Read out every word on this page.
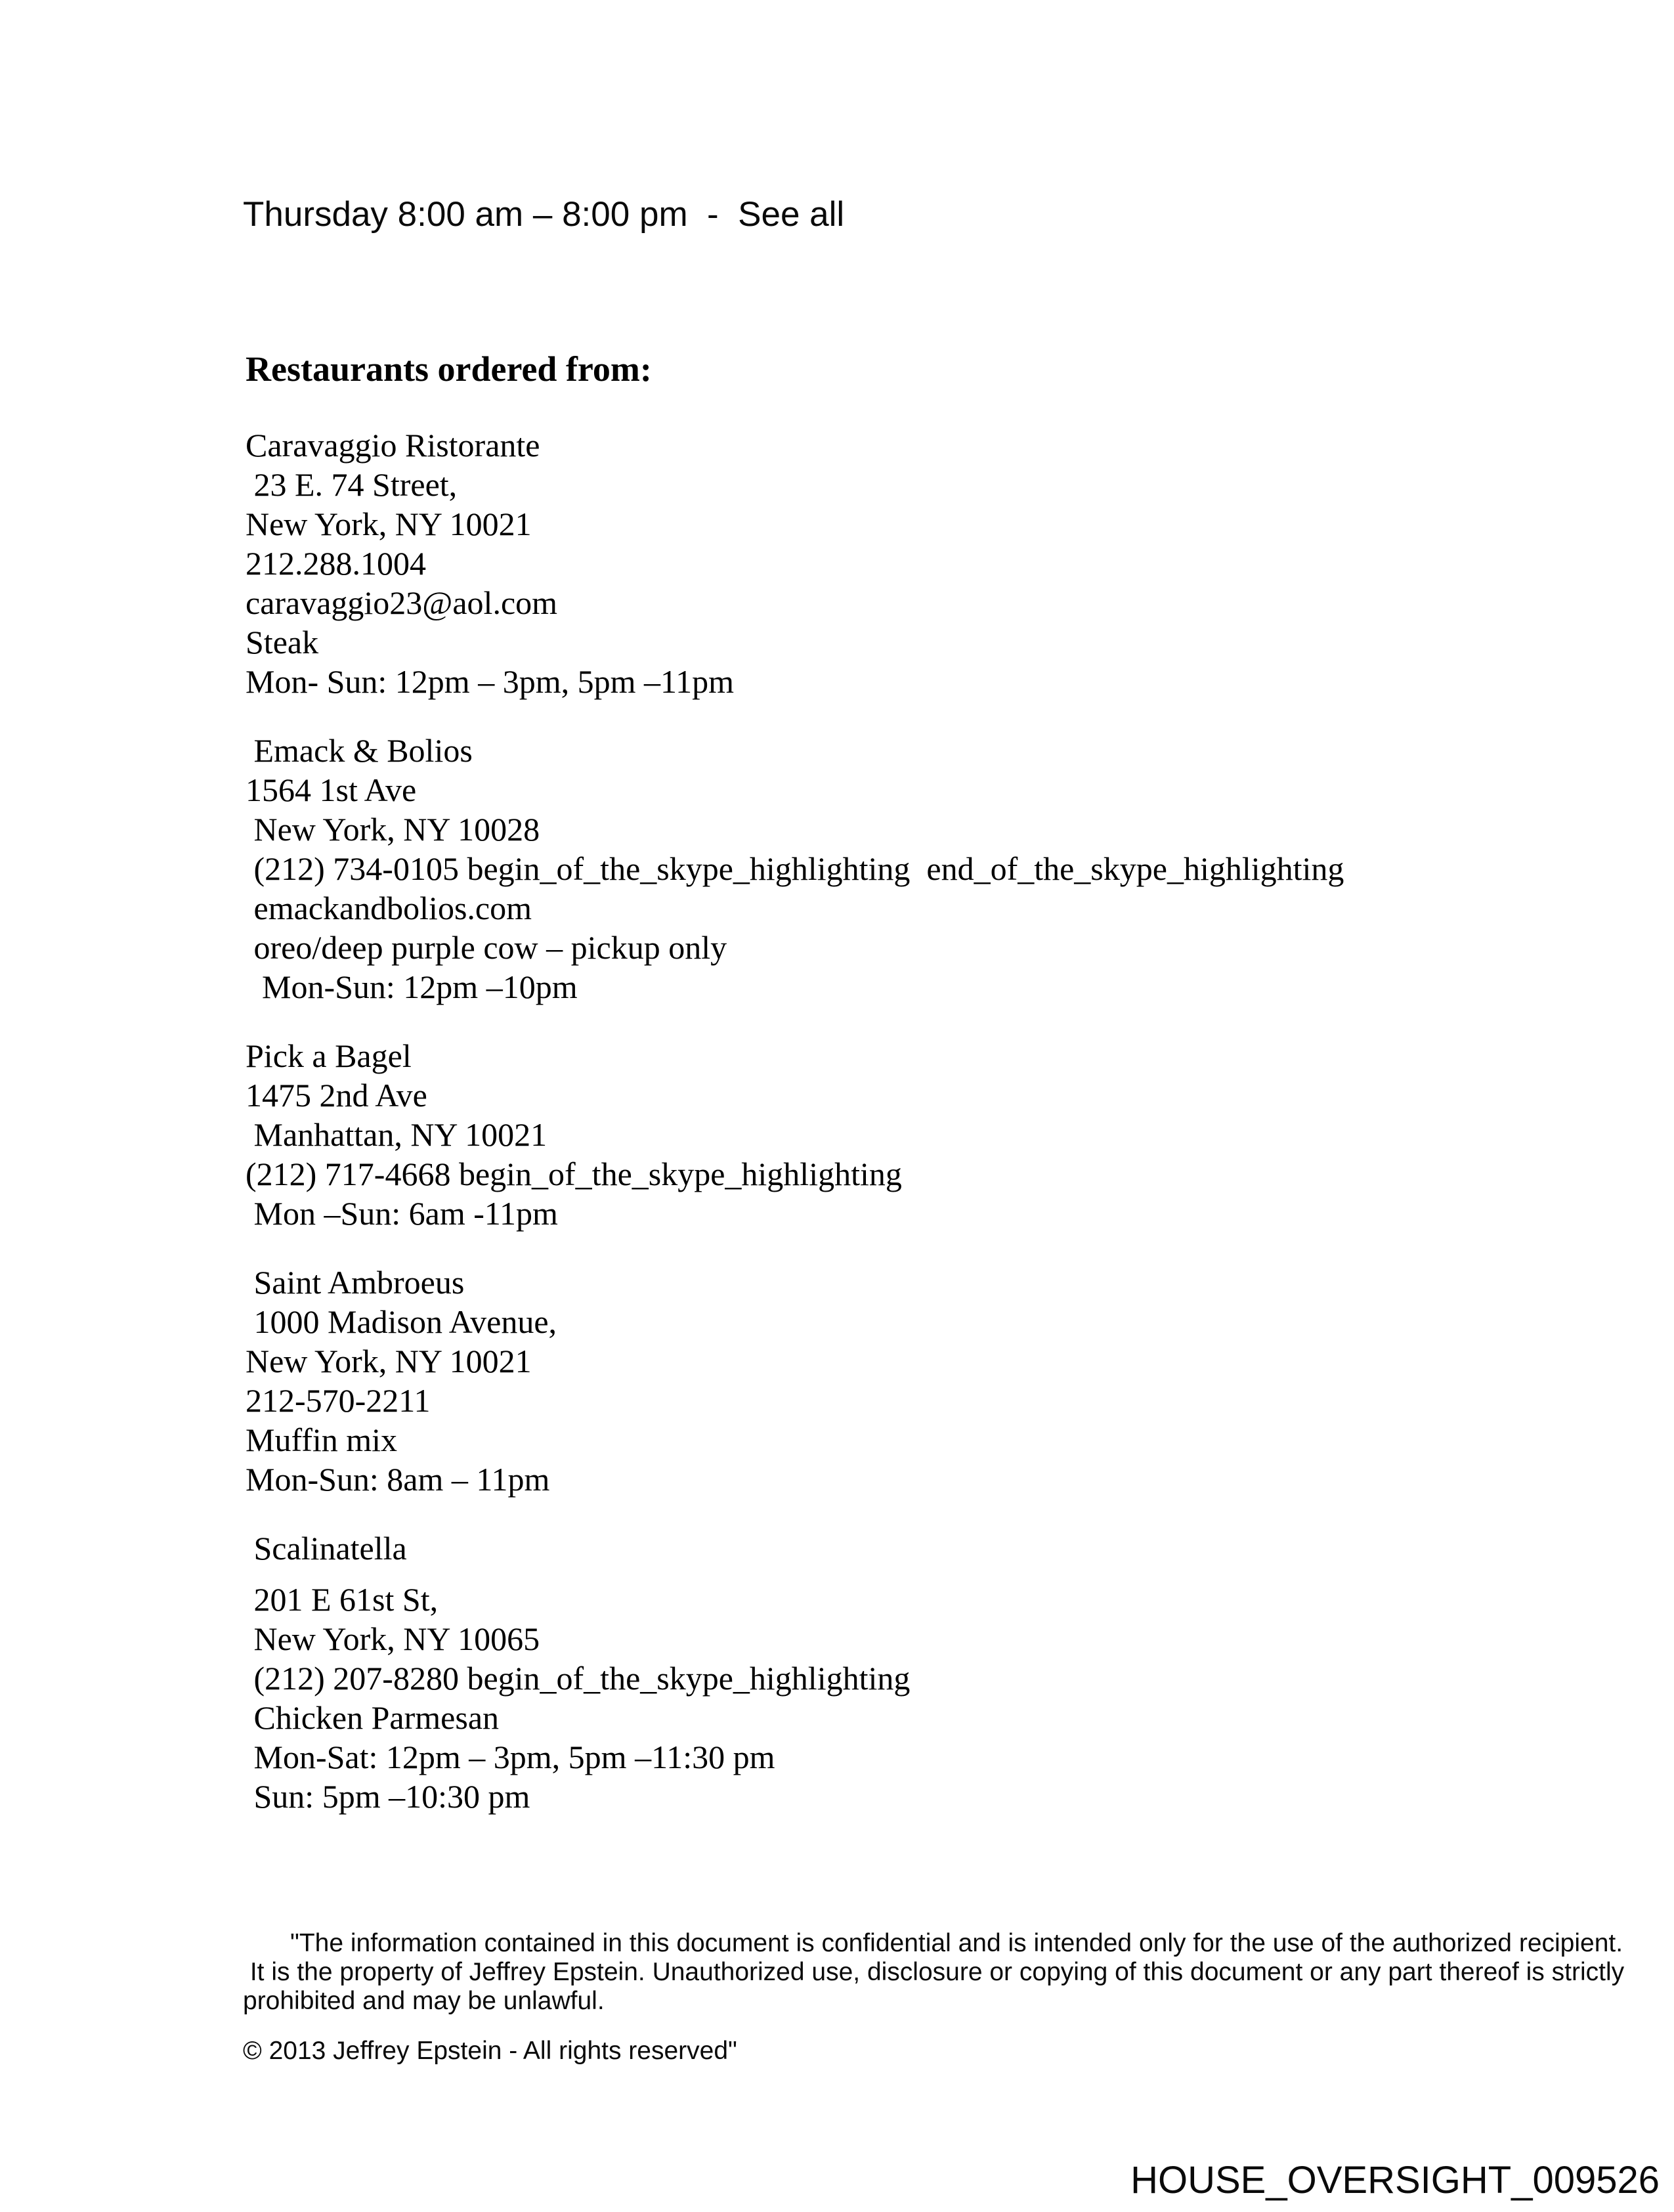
Thursday 8:00 am – 8:00 pm  -  See all
Restaurants ordered from:
Caravaggio Ristorante
23 E. 74 Street,
New York, NY 10021
212.288.1004
caravaggio23@aol.com
Steak
Mon- Sun: 12pm – 3pm, 5pm –11pm
Emack & Bolios
1564 1st Ave
New York, NY 10028
(212) 734-0105 begin_of_the_skype_highlighting  end_of_the_skype_highlighting
emackandbolios.com
oreo/deep purple cow – pickup only
Mon-Sun: 12pm –10pm
Pick a Bagel
1475 2nd Ave
Manhattan, NY 10021
(212) 717-4668 begin_of_the_skype_highlighting
Mon –Sun: 6am -11pm
Saint Ambroeus
1000 Madison Avenue,
New York, NY 10021
212-570-2211
Muffin mix
Mon-Sun: 8am – 11pm
Scalinatella
201 E 61st St,
New York, NY 10065
(212) 207-8280 begin_of_the_skype_highlighting
Chicken Parmesan
Mon-Sat: 12pm – 3pm, 5pm –11:30 pm
Sun: 5pm –10:30 pm
"The information contained in this document is confidential and is intended only for the use of the authorized recipient.
It is the property of Jeffrey Epstein. Unauthorized use, disclosure or copying of this document or any part thereof is strictly
prohibited and may be unlawful.
© 2013 Jeffrey Epstein - All rights reserved"
HOUSE_OVERSIGHT_009526
